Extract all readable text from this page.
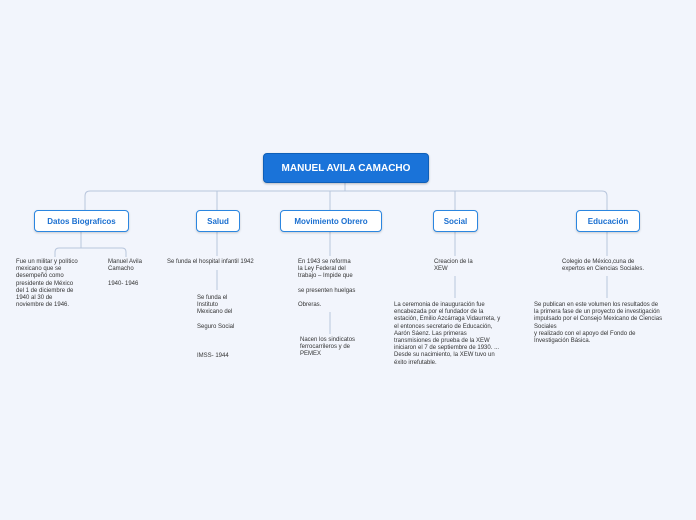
MANUEL AVILA CAMACHO
Datos Biograficos	Salud	Movimiento Obrero	Social	Educación
Fue un militar y político
mexicano que se
desempeñó como
presidente de México
del 1 de diciembre de
1940 al 30 de
noviembre de 1946.
Manuel Avila
Camacho

1940- 1946
Se funda el hospital infantil 1942
Se funda el
Instituto
Mexicano del

Seguro Social

IMSS- 1944
En 1943 se reforma
la Ley Federal del
trabajo – Impide que

se presenten huelgas

Obreras.
Nacen los sindicatos
ferrocarrileros y de
PEMEX
Creacion de la
XEW
La ceremonia de inauguración fue
encabezada por el fundador de la
estación, Emilio Azcárraga Vidaurreta, y
el entonces secretario de Educación,
Aarón Sáenz. Las primeras
transmisiones de prueba de la XEW
iniciaron el 7 de septiembre de 1930. ...
Desde su nacimiento, la XEW tuvo un
éxito irrefutable.
Colegio de México,cuna de
expertos en Ciencias Sociales.
Se publican en este volumen los resultados de
la primera fase de un proyecto de investigación
impulsado por el Consejo Mexicano de Ciencias
Sociales
y realizado con el apoyo del Fondo de
Investigación Básica.
